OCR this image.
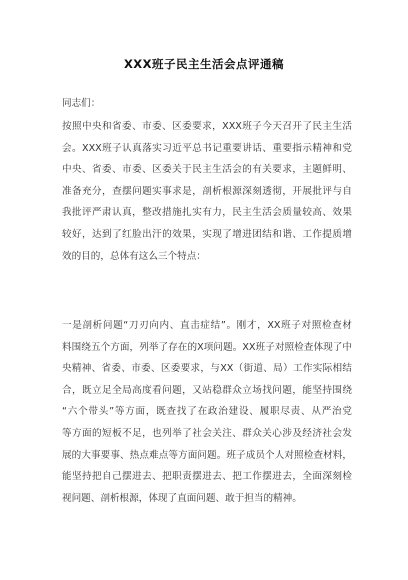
XXX班子民主生活会点评通稿
同志们：
按照中央和省委、市委、区委要求，XXX班子今天召开了民主生活
会。XXX班子认真落实习近平总书记重要讲话、重要指示精神和党
中央、省委、市委、区委关于民主生活会的有关要求，主题鲜明、
准备充分，查摆问题实事求是，剖析根源深刻透彻，开展批评与自
我批评严肃认真，整改措施扎实有力，民主生活会质量较高、效果
较好，达到了红脸出汗的效果，实现了增进团结和谐、工作提质增
效的目的，总体有这么三个特点：
一是剖析问题“刀刃向内、直击症结”。刚才，XX班子对照检查材
料围绕五个方面，列举了存在的X项问题。XX班子对照检查体现了中
央精神、省委、市委、区委要求，与XX（街道、局）工作实际相结
合，既立足全局高度看问题，又站稳群众立场找问题，能坚持围绕
“六个带头”等方面，既查找了在政治建设、履职尽责、从严治党
等方面的短板不足，也列举了社会关注、群众关心涉及经济社会发
展的大事要事、热点难点等方面问题。班子成员个人对照检查材料，
能坚持把自己摆进去、把职责摆进去、把工作摆进去，全面深刻检
视问题、剖析根源，体现了直面问题、敢于担当的精神。
